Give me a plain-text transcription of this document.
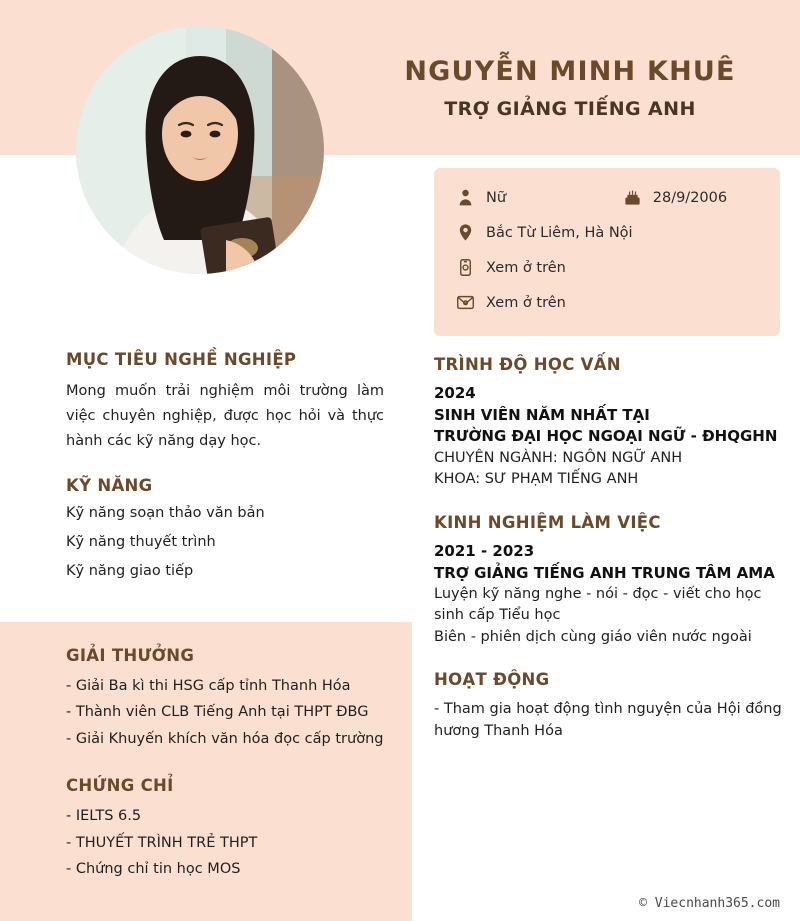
NGUYỄN MINH KHUÊ
TRỢ GIẢNG TIẾNG ANH
Nữ	28/9/2006
Bắc Từ Liêm, Hà Nội
Xem ở trên
Xem ở trên
MỤC TIÊU NGHỀ NGHIỆP

Mong muốn trải nghiệm môi trường làm việc chuyên nghiệp, được học hỏi và thực hành các kỹ năng dạy học.

KỸ NĂNG
Kỹ năng soạn thảo văn bản
Kỹ năng thuyết trình
Kỹ năng giao tiếp
GIẢI THƯỞNG
- Giải Ba kì thi HSG cấp tỉnh Thanh Hóa
- Thành viên CLB Tiếng Anh tại THPT ĐBG
- Giải Khuyến khích văn hóa đọc cấp trường
CHỨNG CHỈ
- IELTS 6.5
- THUYẾT TRÌNH TRẺ THPT
- Chứng chỉ tin học MOS
TRÌNH ĐỘ HỌC VẤN
2024
SINH VIÊN NĂM NHẤT TẠI
TRƯỜNG ĐẠI HỌC NGOẠI NGỮ - ĐHQGHN
CHUYÊN NGÀNH: NGÔN NGỮ ANH
KHOA: SƯ PHẠM TIẾNG ANH
KINH NGHIỆM LÀM VIỆC
2021 - 2023
TRỢ GIẢNG TIẾNG ANH TRUNG TÂM AMA
Luyện kỹ năng nghe - nói - đọc - viết cho học sinh cấp Tiểu học
Biên - phiên dịch cùng giáo viên nước ngoài
HOẠT ĐỘNG
- Tham gia hoạt động tình nguyện của Hội đồng hương Thanh Hóa
© Viecnhanh365.com
